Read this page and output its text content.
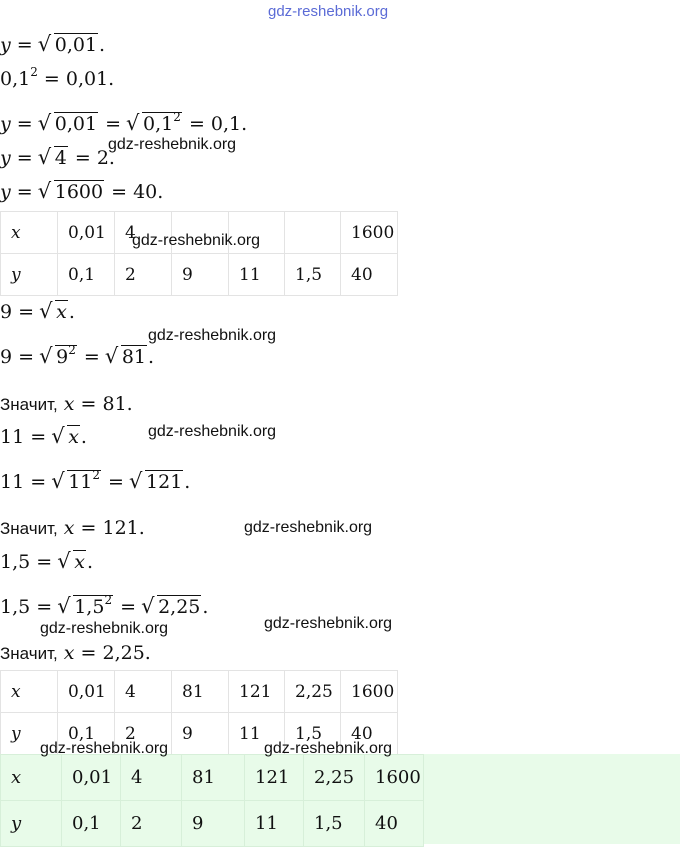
gdz-reshebnik.org
y = √ 0,01 .
$0,1^2 = 0,01$.
y = √ 0,01 = √ $0,1^2 = 0,1$.
y = √ 4 = 2.
gdz-reshebnik.org
y = √ 1600 = 40.
x	0,01	4				1600
y	0,1	2	9	11	1,5	40
gdz-reshebnik.org
9 = √ x .
gdz-reshebnik.org
9 = √ $9^2$ = √ 81 .
Значит, x = 81.
11 = √ x .	gdz-reshebnik.org
11 = √ $11^2$ = √ 121 .
Значит, x = 121.	gdz-reshebnik.org
1,5 = √ x .
1,5 = √ $1,5^2$ = √ 2,25 .
gdz-reshebnik.org	gdz-reshebnik.org
Значит, x = 2,25.
x	0,01	4	81	121	2,25	1600
y	0,1	2	9	11	1,5	40
x	0,01	4	81	121	2,25	1600
y	0,1	2	9	11	1,5	40
gdz-reshebnik.org	gdz-reshebnik.org
